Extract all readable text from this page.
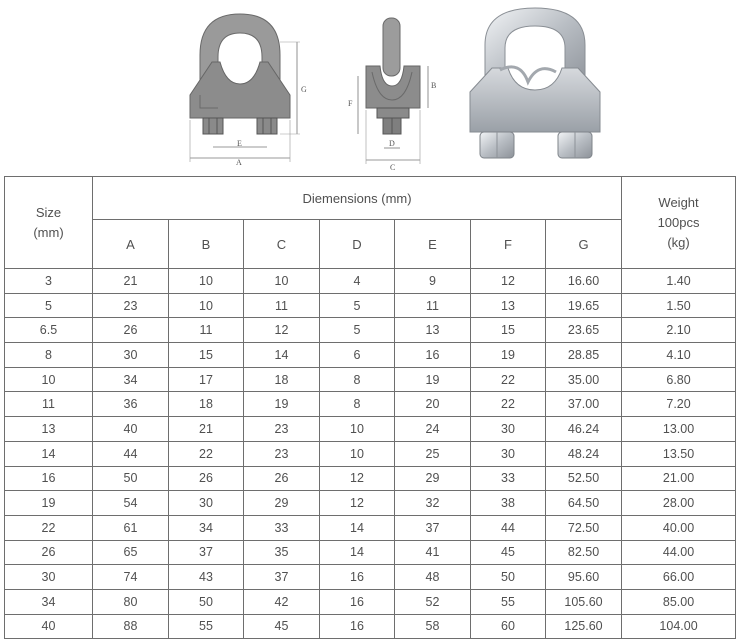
E
A
G
F
B
D
C
Size
(mm)	Diemensions (mm)							Weight
100pcs
(kg)
	A	B	C	D	E	F	G	
3	21	10	10	4	9	12	16.60	1.40
5	23	10	11	5	11	13	19.65	1.50
6.5	26	11	12	5	13	15	23.65	2.10
8	30	15	14	6	16	19	28.85	4.10
10	34	17	18	8	19	22	35.00	6.80
11	36	18	19	8	20	22	37.00	7.20
13	40	21	23	10	24	30	46.24	13.00
14	44	22	23	10	25	30	48.24	13.50
16	50	26	26	12	29	33	52.50	21.00
19	54	30	29	12	32	38	64.50	28.00
22	61	34	33	14	37	44	72.50	40.00
26	65	37	35	14	41	45	82.50	44.00
30	74	43	37	16	48	50	95.60	66.00
34	80	50	42	16	52	55	105.60	85.00
40	88	55	45	16	58	60	125.60	104.00
